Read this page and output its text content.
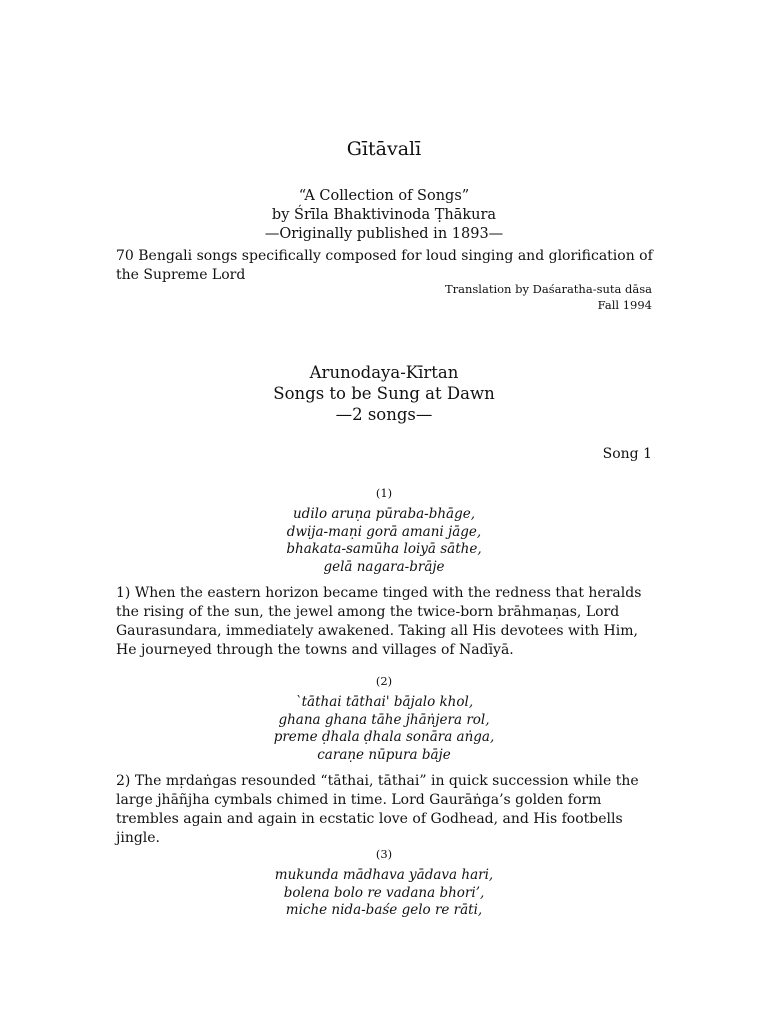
Gītāvalī
“A Collection of Songs”
by Śrīla Bhaktivinoda Ṭhākura
—Originally published in 1893—
70 Bengali songs specifically composed for loud singing and glorification of the Supreme Lord
Translation by Daśaratha-suta dāsa
Fall 1994
Arunodaya-Kīrtan
Songs to be Sung at Dawn
—2 songs—
Song 1
(1)
udilo aruṇa pūraba-bhāge,
dwija-maṇi gorā amani jāge,
bhakata-samūha loiyā sāthe,
gelā nagara-brāje
1) When the eastern horizon became tinged with the redness that heralds the rising of the sun, the jewel among the twice-born brāhmaṇas, Lord Gaurasundara, immediately awakened. Taking all His devotees with Him, He journeyed through the towns and villages of Nadīyā.
(2)
`tāthai tāthai' bājalo khol,
ghana ghana tāhe jhāṅjera rol,
preme ḍhala ḍhala sonāra aṅga,
caraṇe nūpura bāje
2) The mṛdaṅgas resounded “tāthai, tāthai” in quick succession while the large jhāñjha cymbals chimed in time. Lord Gaurāṅga’s golden form trembles again and again in ecstatic love of Godhead, and His footbells jingle.
(3)
mukunda mādhava yādava hari,
bolena bolo re vadana bhori’,
miche nida-baśe gelo re rāti,
